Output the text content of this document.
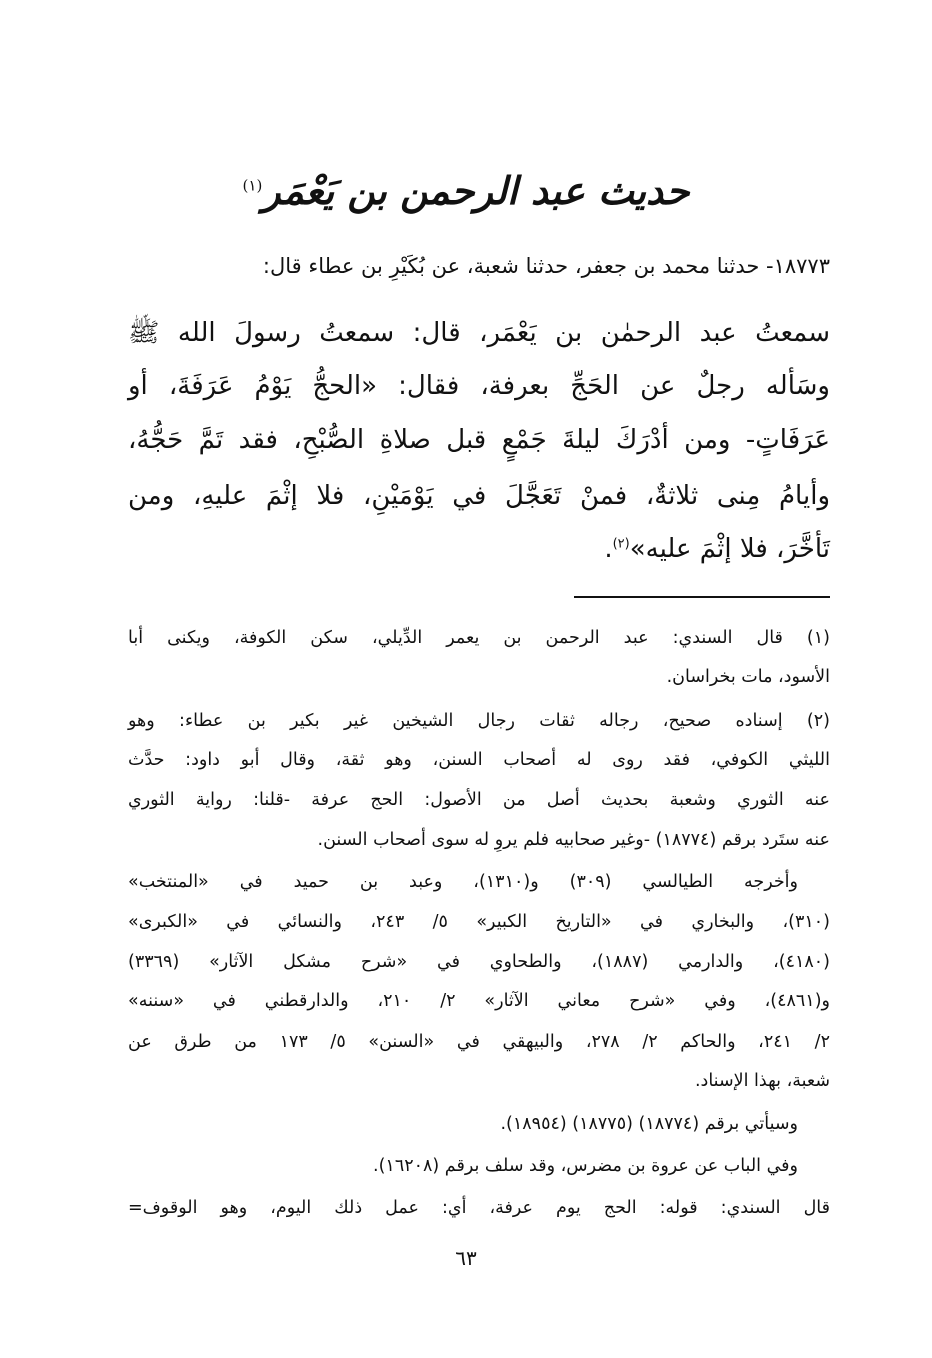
حديث عبد الرحمن بن يَعْمَر$^{(١)}$
١٨٧٧٣- حدثنا محمد بن جعفر، حدثنا شعبة، عن بُكَيْرِ بن عطاء قال:
سمعتُ عبد الرحمٰن بن يَعْمَر، قال: سمعتُ رسولَ الله ﷺ
وسَأله رجلٌ عن الحَجِّ بعرفة، فقال: «الحجُّ يَوْمُ عَرَفَةَ، أو
عَرَفَاتٍ- ومن أدْرَكَ ليلةَ جَمْعٍ قبل صلاةِ الصُّبْحِ، فقد تَمَّ حَجُّهُ،
وأيامُ مِنى ثلاثةٌ، فمنْ تَعَجَّلَ في يَوْمَيْنِ، فلا إثْمَ عليهِ، ومن
تَأخَّرَ، فلا إثْمَ عليه»$^{(٢)}$.
(١) قال السندي: عبد الرحمن بن يعمر الدِّيلي، سكن الكوفة، ويكنى أبا
الأسود، مات بخراسان.
(٢) إسناده صحيح، رجاله ثقات رجال الشيخين غير بكير بن عطاء: وهو
الليثي الكوفي، فقد روى له أصحاب السنن، وهو ثقة، وقال أبو داود: حدَّث
عنه الثوري وشعبة بحديث أصل من الأصول: الحج عرفة -قلنا: رواية الثوري
عنه ستَرد برقم (١٨٧٧٤) -وغير صحابيه فلم يروِ له سوى أصحاب السنن.
وأخرجه الطيالسي (٣٠٩) و(١٣١٠)، وعبد بن حميد في «المنتخب»
(٣١٠)، والبخاري في «التاريخ الكبير» ٥/ ٢٤٣، والنسائي في «الكبرى»
(٤١٨٠)، والدارمي (١٨٨٧)، والطحاوي في «شرح مشكل الآثار» (٣٣٦٩)
و(٤٨٦١)، وفي «شرح معاني الآثار» ٢/ ٢١٠، والدارقطني في «سننه»
٢/ ٢٤١، والحاكم ٢/ ٢٧٨، والبيهقي في «السنن» ٥/ ١٧٣ من طرق عن
شعبة، بهذا الإسناد.
وسيأتي برقم (١٨٧٧٤) (١٨٧٧٥) (١٨٩٥٤).
وفي الباب عن عروة بن مضرس، وقد سلف برقم (١٦٢٠٨).
قال السندي: قوله: الحج يوم عرفة، أي: عمل ذلك اليوم، وهو الوقوف=
٦٣
